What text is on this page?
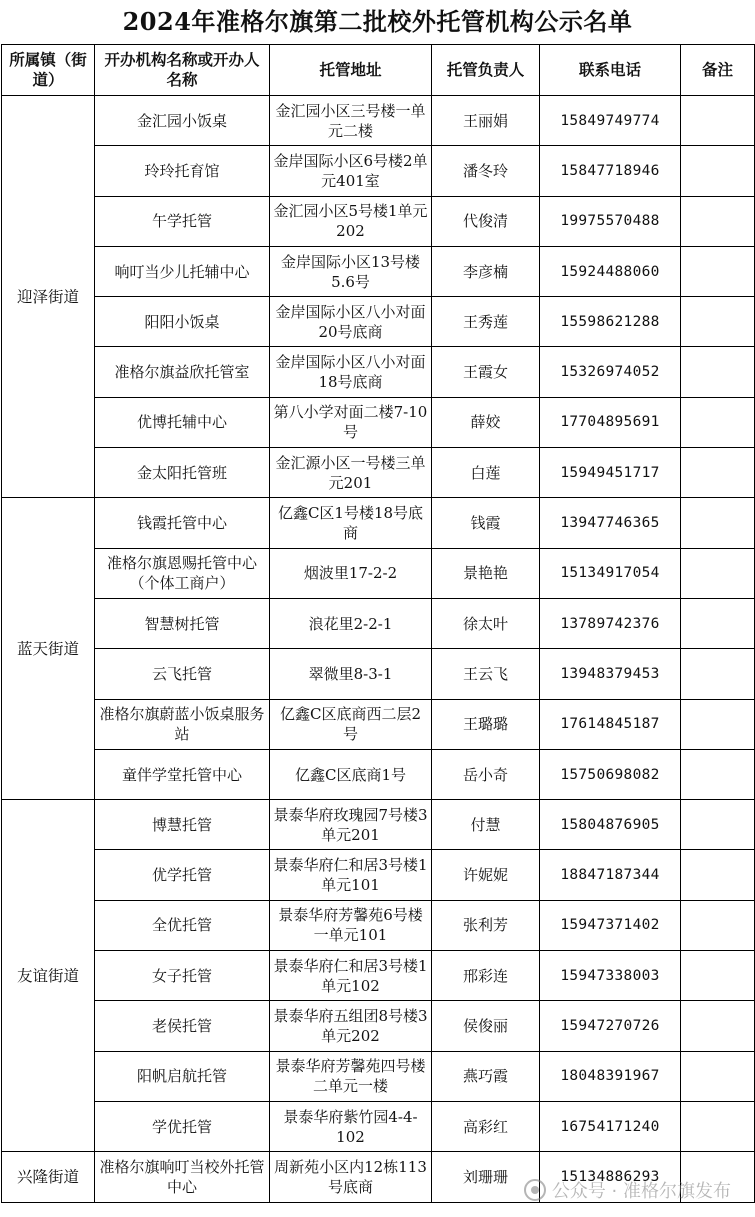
2024年准格尔旗第二批校外托管机构公示名单
所属镇（街道）	开办机构名称或开办人名称	托管地址	托管负责人	联系电话	备注
迎泽街道	金汇园小饭桌	金汇园小区三号楼一单元二楼	王丽娟	15849749774	
	玲玲托育馆	金岸国际小区6号楼2单元401室	潘冬玲	15847718946	
	午学托管	金汇园小区5号楼1单元202	代俊清	19975570488	
	响叮当少儿托辅中心	金岸国际小区13号楼5.6号	李彦楠	15924488060	
	阳阳小饭桌	金岸国际小区八小对面20号底商	王秀莲	15598621288	
	准格尔旗益欣托管室	金岸国际小区八小对面18号底商	王霞女	15326974052	
	优博托辅中心	第八小学对面二楼7-10号	薛姣	17704895691	
	金太阳托管班	金汇源小区一号楼三单元201	白莲	15949451717	
蓝天街道	钱霞托管中心	亿鑫C区1号楼18号底商	钱霞	13947746365	
	准格尔旗恩赐托管中心（个体工商户）	烟波里17-2-2	景艳艳	15134917054	
	智慧树托管	浪花里2-2-1	徐太叶	13789742376	
	云飞托管	翠微里8-3-1	王云飞	13948379453	
	准格尔旗蔚蓝小饭桌服务站	亿鑫C区底商西二层2号	王璐璐	17614845187	
	童伴学堂托管中心	亿鑫C区底商1号	岳小奇	15750698082	
友谊街道	博慧托管	景泰华府玫瑰园7号楼3单元201	付慧	15804876905	
	优学托管	景泰华府仁和居3号楼1单元101	许妮妮	18847187344	
	全优托管	景泰华府芳馨苑6号楼一单元101	张利芳	15947371402	
	女子托管	景泰华府仁和居3号楼1单元102	邢彩连	15947338003	
	老侯托管	景泰华府五组团8号楼3单元202	侯俊丽	15947270726	
	阳帆启航托管	景泰华府芳馨苑四号楼二单元一楼	燕巧霞	18048391967	
	学优托管	景泰华府紫竹园4-4-102	高彩红	16754171240	
兴隆街道	准格尔旗响叮当校外托管中心	周新苑小区内12栋113号底商	刘珊珊	15134886293	
公众号 · 准格尔旗发布
